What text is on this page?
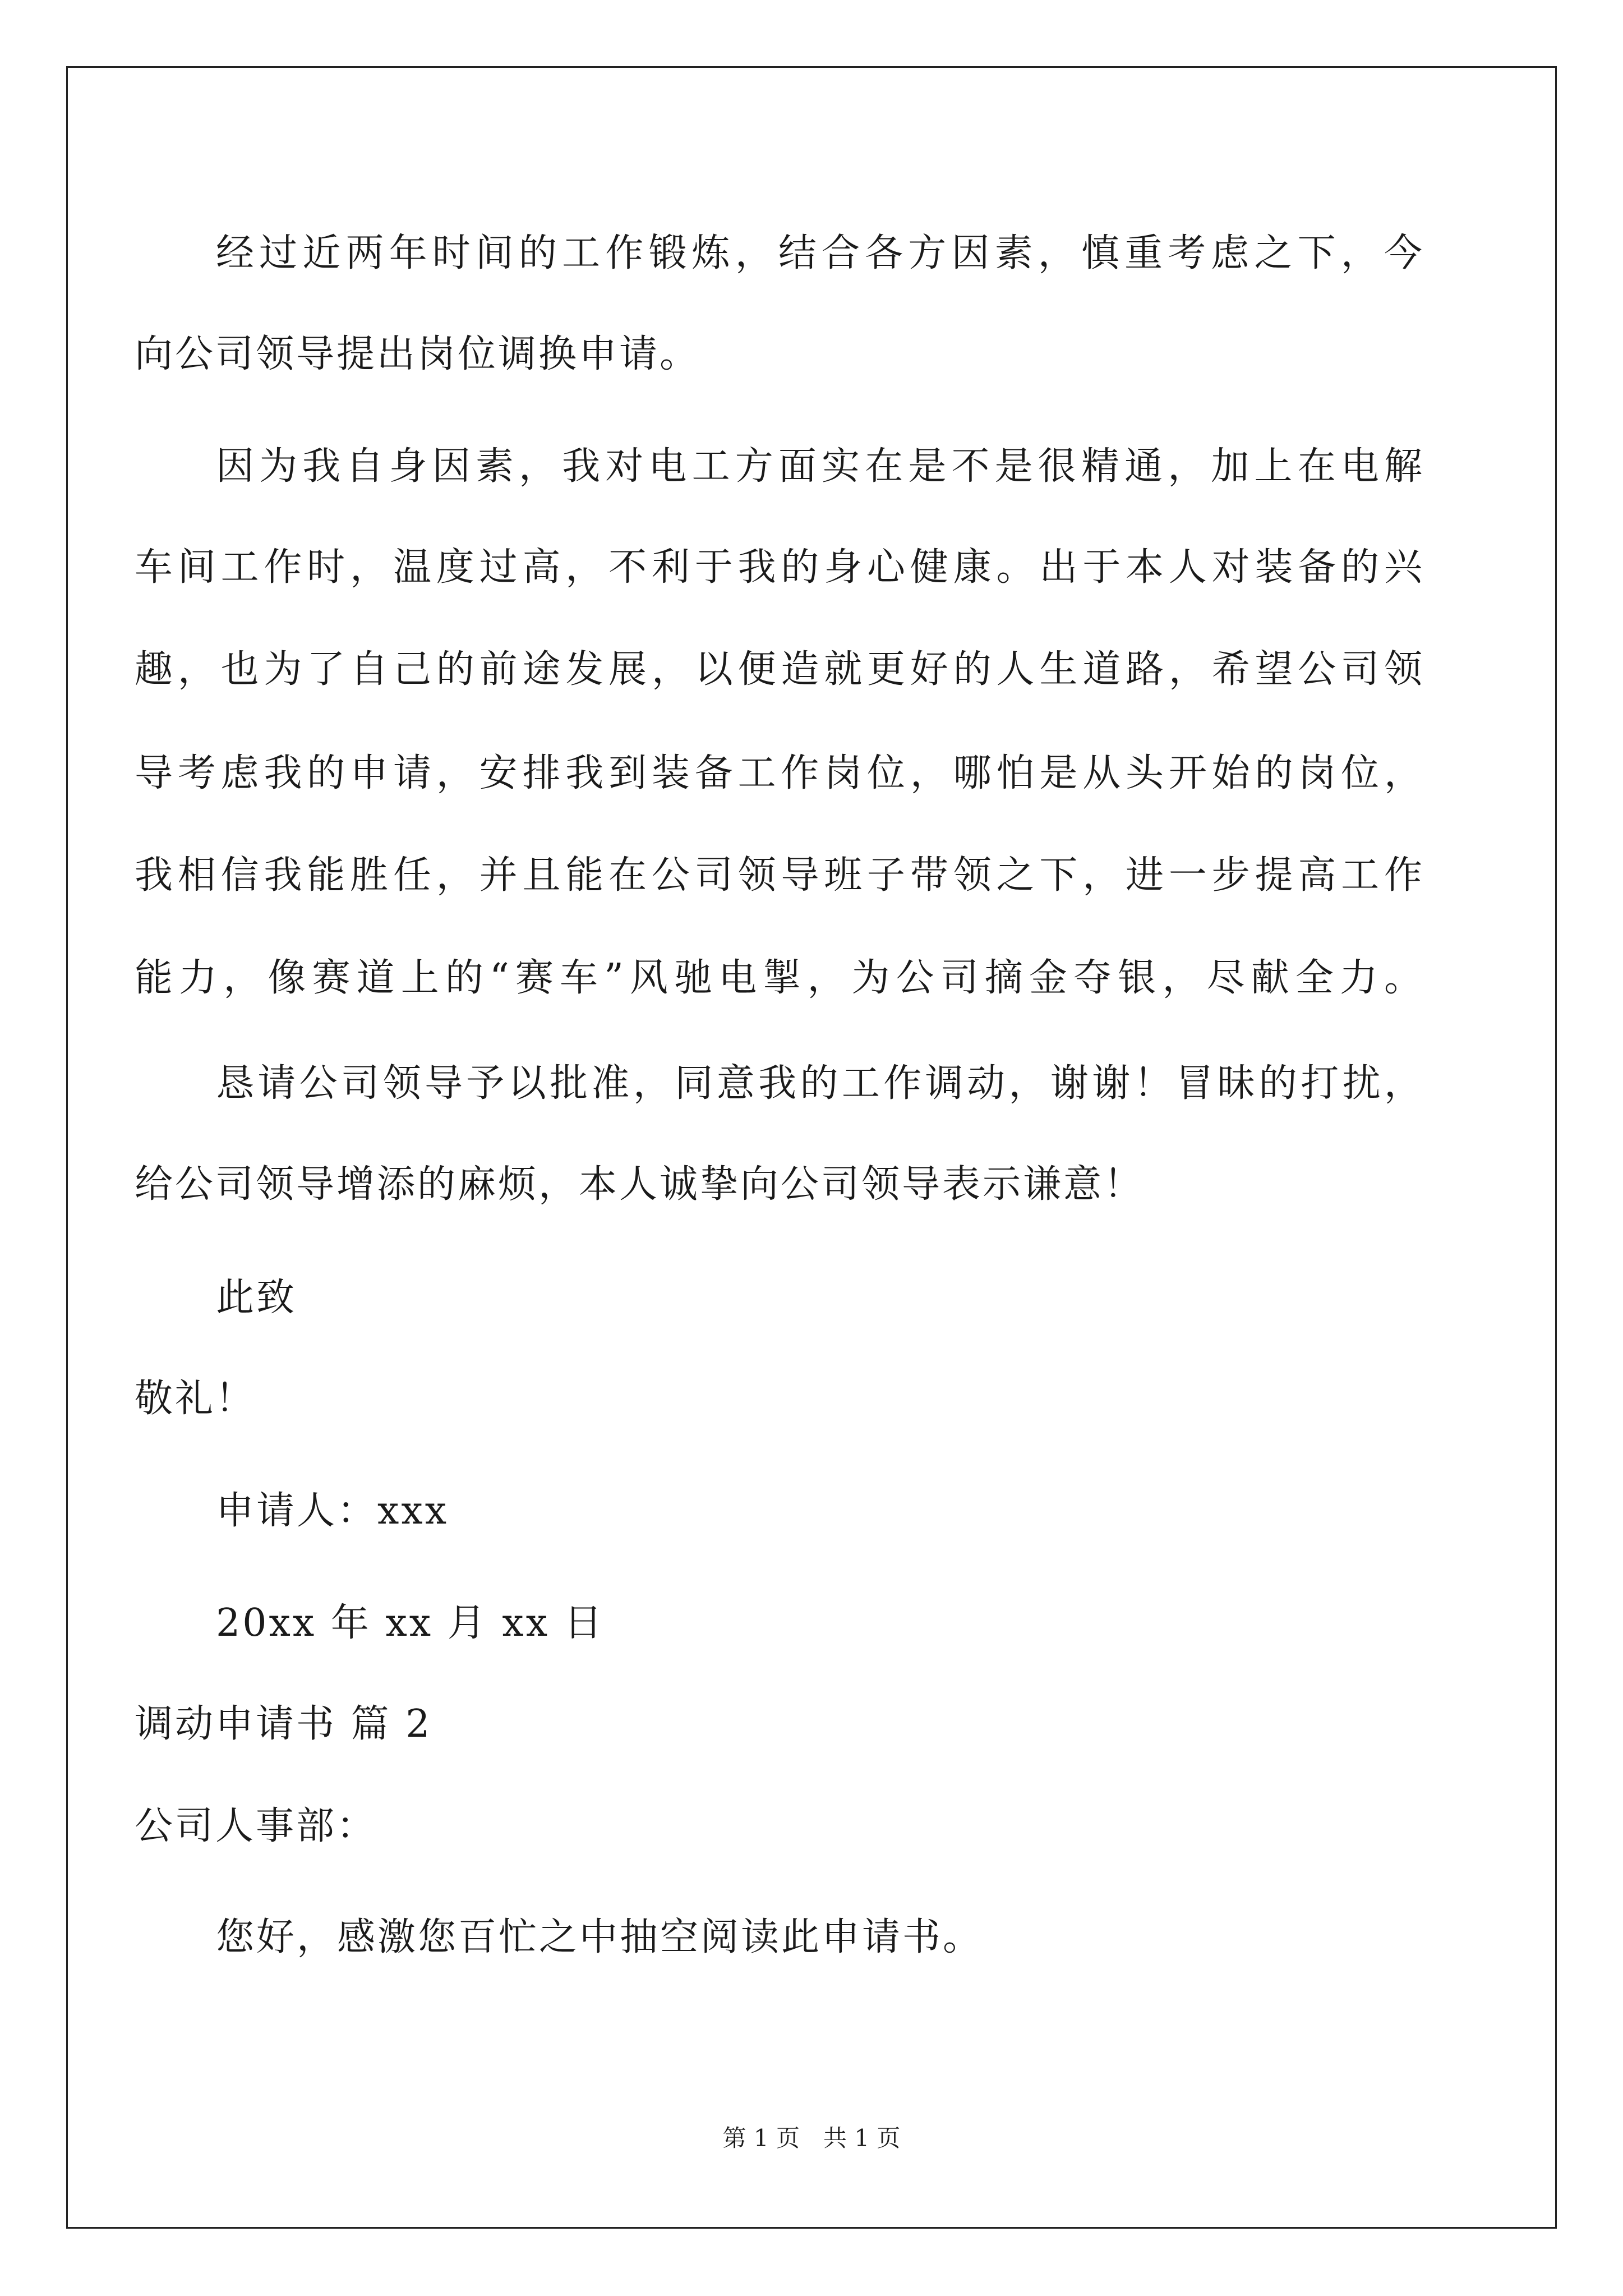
经过近两年时间的工作锻炼，结合各方因素，慎重考虑之下，今
向公司领导提出岗位调换申请。
因为我自身因素，我对电工方面实在是不是很精通，加上在电解
车间工作时，温度过高，不利于我的身心健康。出于本人对装备的兴
趣，也为了自己的前途发展，以便造就更好的人生道路，希望公司领
导考虑我的申请，安排我到装备工作岗位，哪怕是从头开始的岗位，
我相信我能胜任，并且能在公司领导班子带领之下，进一步提高工作
能力，像赛道上的“赛车”风驰电掣，为公司摘金夺银，尽献全力。
恳请公司领导予以批准，同意我的工作调动，谢谢！冒昧的打扰，
给公司领导增添的麻烦，本人诚挚向公司领导表示谦意！
此致
敬礼！
申请人：xxx
20xx 年 xx 月 xx 日
调动申请书 篇 2
公司人事部：
您好，感激您百忙之中抽空阅读此申请书。
第 1 页　共 1 页
